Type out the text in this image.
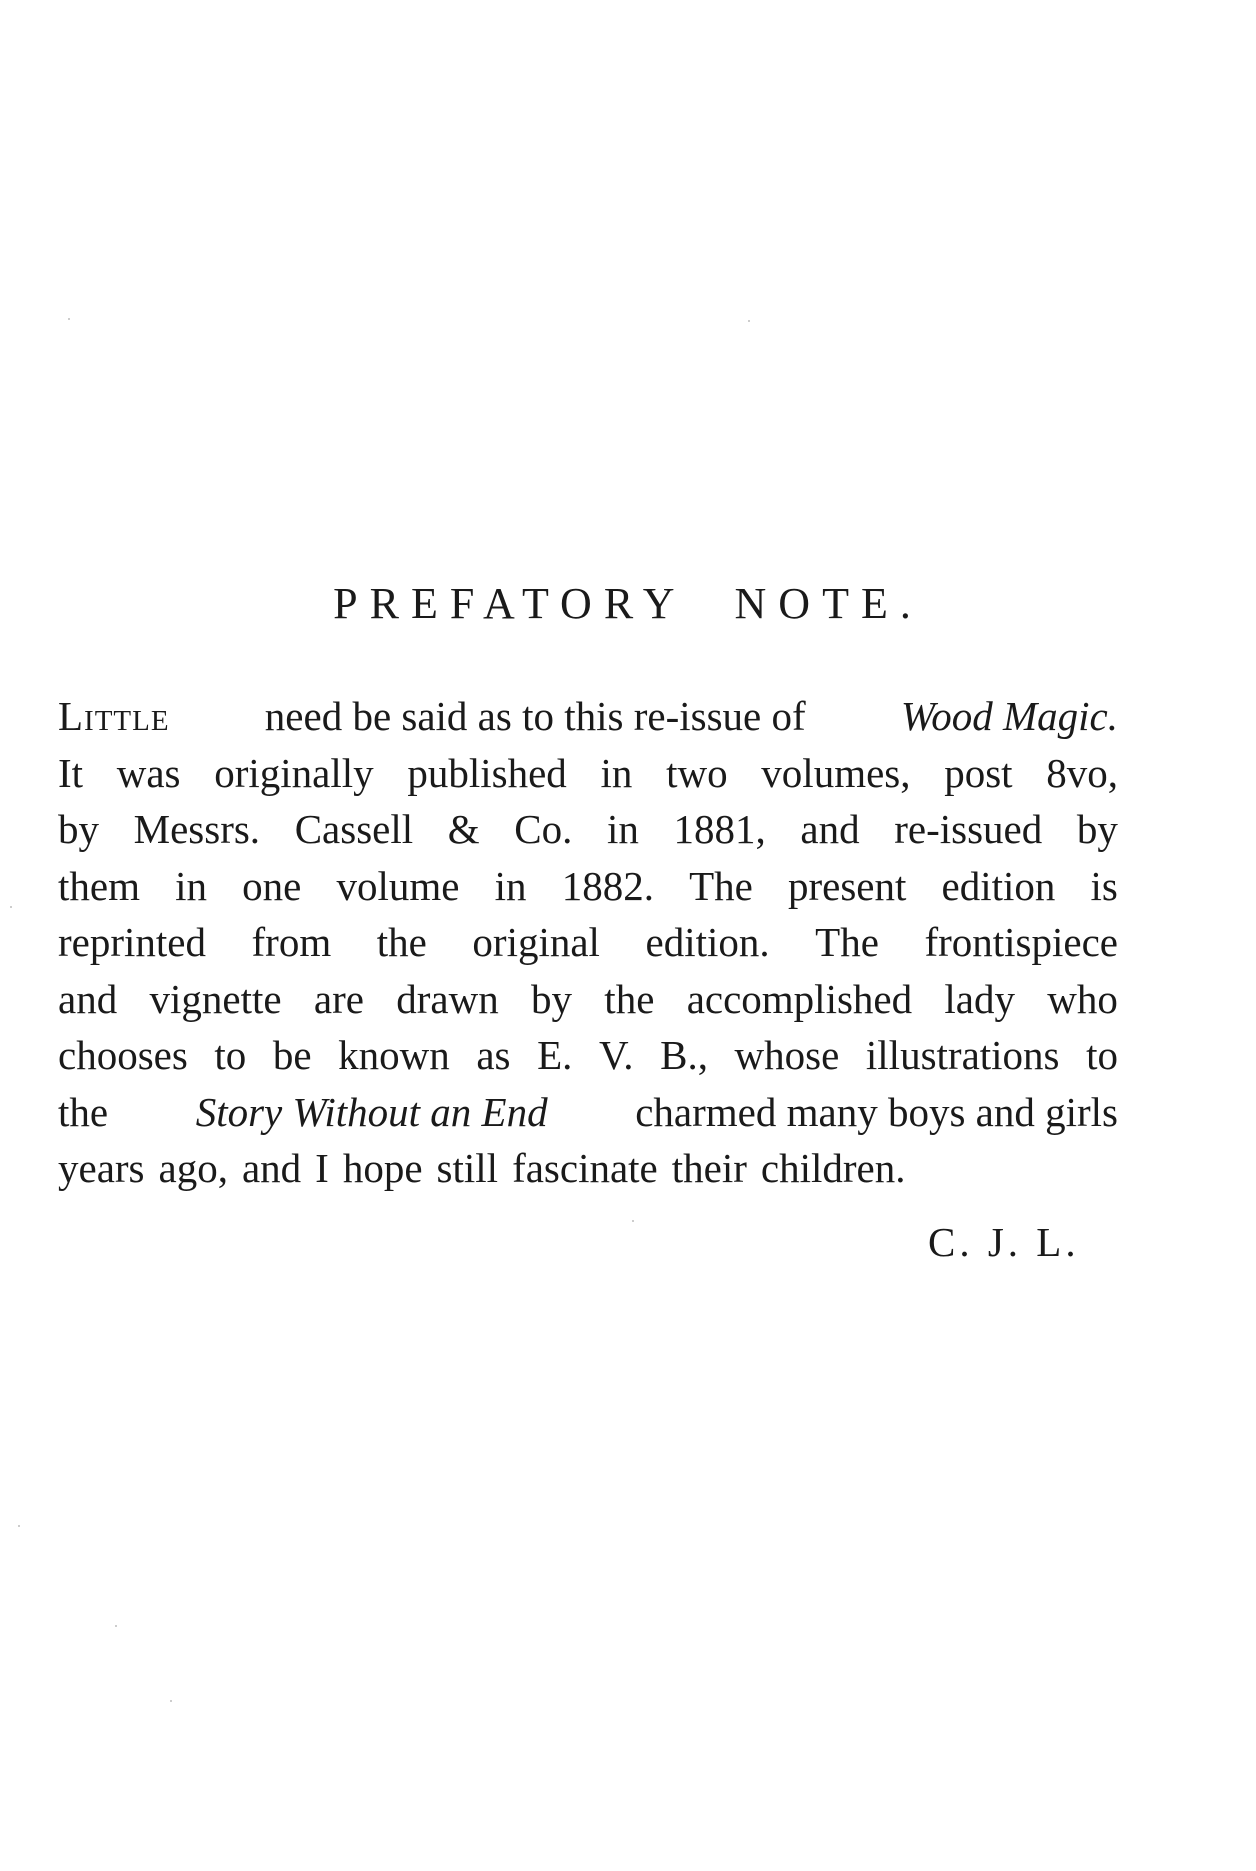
PREFATORY NOTE.
Little need be said as to this re-issue of Wood Magic.
It was originally published in two volumes, post 8vo,
by Messrs. Cassell & Co. in 1881, and re-issued by
them in one volume in 1882. The present edition is
reprinted from the original edition. The frontispiece
and vignette are drawn by the accomplished lady who
chooses to be known as E. V. B., whose illustrations to
the Story Without an End charmed many boys and girls
years ago, and I hope still fascinate their children.
C. J. L.
